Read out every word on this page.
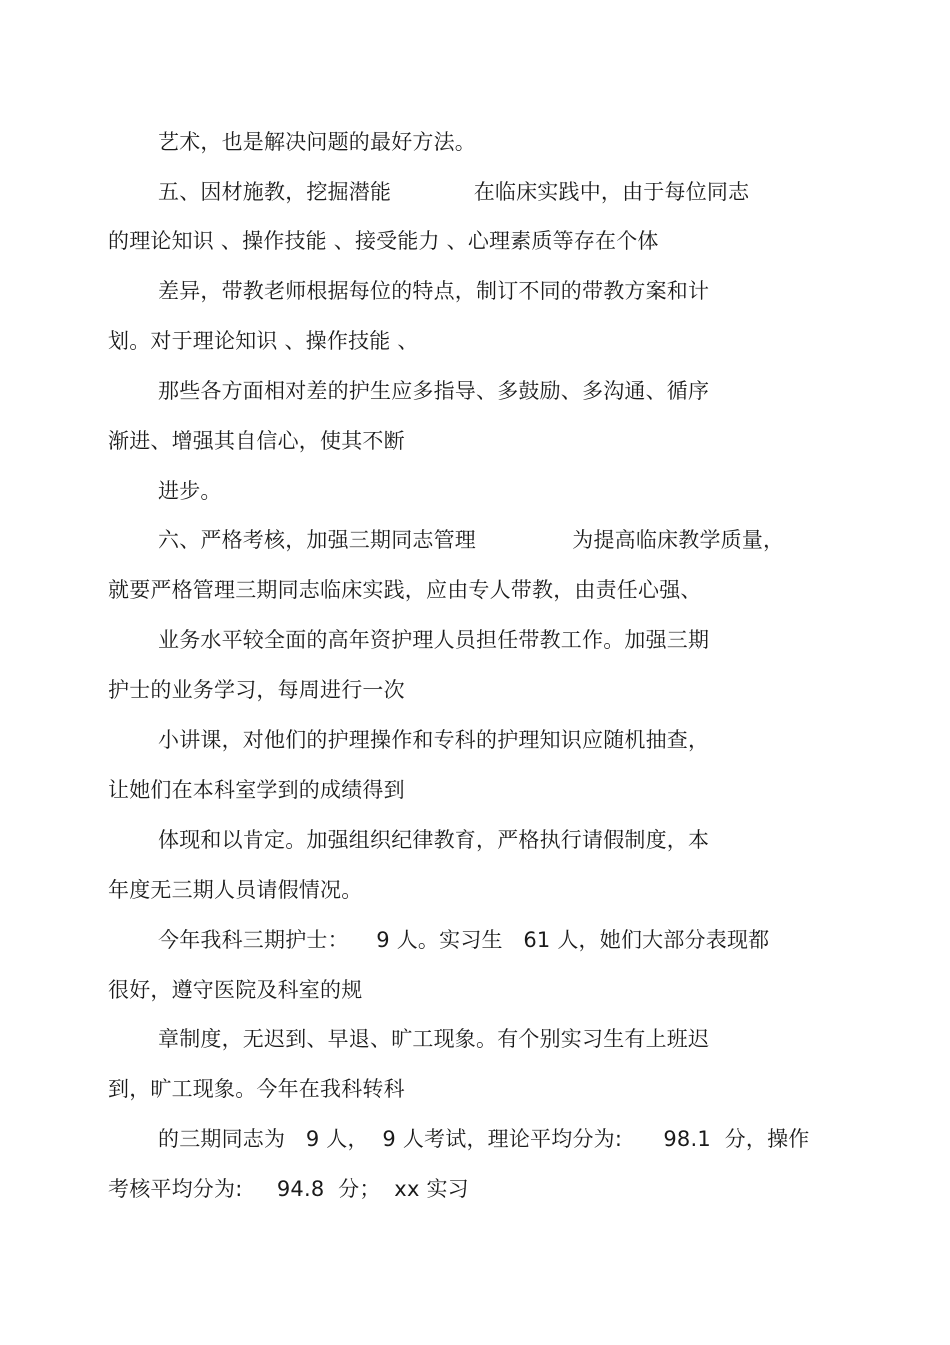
艺术，也是解决问题的最好方法。
五、因材施教，挖掘潜能            在临床实践中，由于每位同志
的理论知识 、操作技能 、接受能力 、心理素质等存在个体
差异，带教老师根据每位的特点，制订不同的带教方案和计
划。对于理论知识 、操作技能 、
那些各方面相对差的护生应多指导、多鼓励、多沟通、循序
渐进、增强其自信心，使其不断
进步。
六、严格考核，加强三期同志管理              为提高临床教学质量，
就要严格管理三期同志临床实践，应由专人带教，由责任心强、
业务水平较全面的高年资护理人员担任带教工作。加强三期
护士的业务学习，每周进行一次
小讲课，对他们的护理操作和专科的护理知识应随机抽查，
让她们在本科室学到的成绩得到
体现和以肯定。加强组织纪律教育，严格执行请假制度，本
年度无三期人员请假情况。
今年我科三期护士：    9 人。实习生   61 人，她们大部分表现都
很好，遵守医院及科室的规
章制度，无迟到、早退、旷工现象。有个别实习生有上班迟
到，旷工现象。今年在我科转科
的三期同志为   9 人，  9 人考试，理论平均分为:      98.1  分，操作
考核平均分为:     94.8  分；  xx 实习
